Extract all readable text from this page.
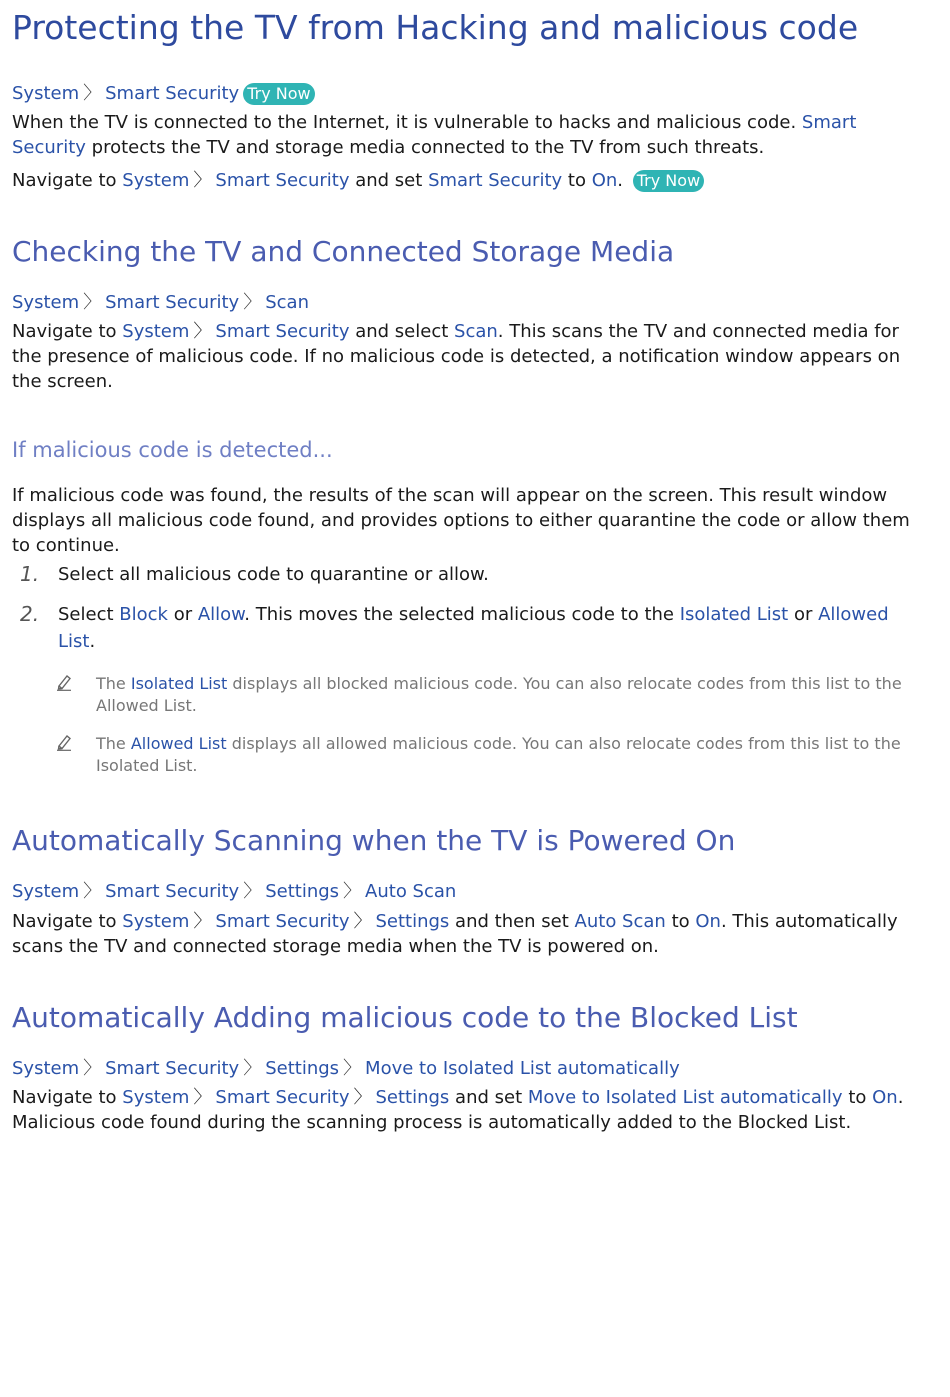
Protecting the TV from Hacking and malicious code
System 〉 Smart Security Try Now
When the TV is connected to the Internet, it is vulnerable to hacks and malicious code. Smart Security protects the TV and storage media connected to the TV from such threats.
Navigate to System 〉 Smart Security and set Smart Security to On. Try Now
Checking the TV and Connected Storage Media
System 〉 Smart Security 〉 Scan
Navigate to System 〉 Smart Security and select Scan. This scans the TV and connected media for the presence of malicious code. If no malicious code is detected, a notification window appears on the screen.
If malicious code is detected...
If malicious code was found, the results of the scan will appear on the screen. This result window displays all malicious code found, and provides options to either quarantine the code or allow them to continue.
1. Select all malicious code to quarantine or allow.
2. Select Block or Allow. This moves the selected malicious code to the Isolated List or Allowed List.
The Isolated List displays all blocked malicious code. You can also relocate codes from this list to the Allowed List.
The Allowed List displays all allowed malicious code. You can also relocate codes from this list to the Isolated List.
Automatically Scanning when the TV is Powered On
System 〉 Smart Security 〉 Settings 〉 Auto Scan
Navigate to System 〉 Smart Security 〉 Settings and then set Auto Scan to On. This automatically scans the TV and connected storage media when the TV is powered on.
Automatically Adding malicious code to the Blocked List
System 〉 Smart Security 〉 Settings 〉 Move to Isolated List automatically
Navigate to System 〉 Smart Security 〉 Settings and set Move to Isolated List automatically to On. Malicious code found during the scanning process is automatically added to the Blocked List.
